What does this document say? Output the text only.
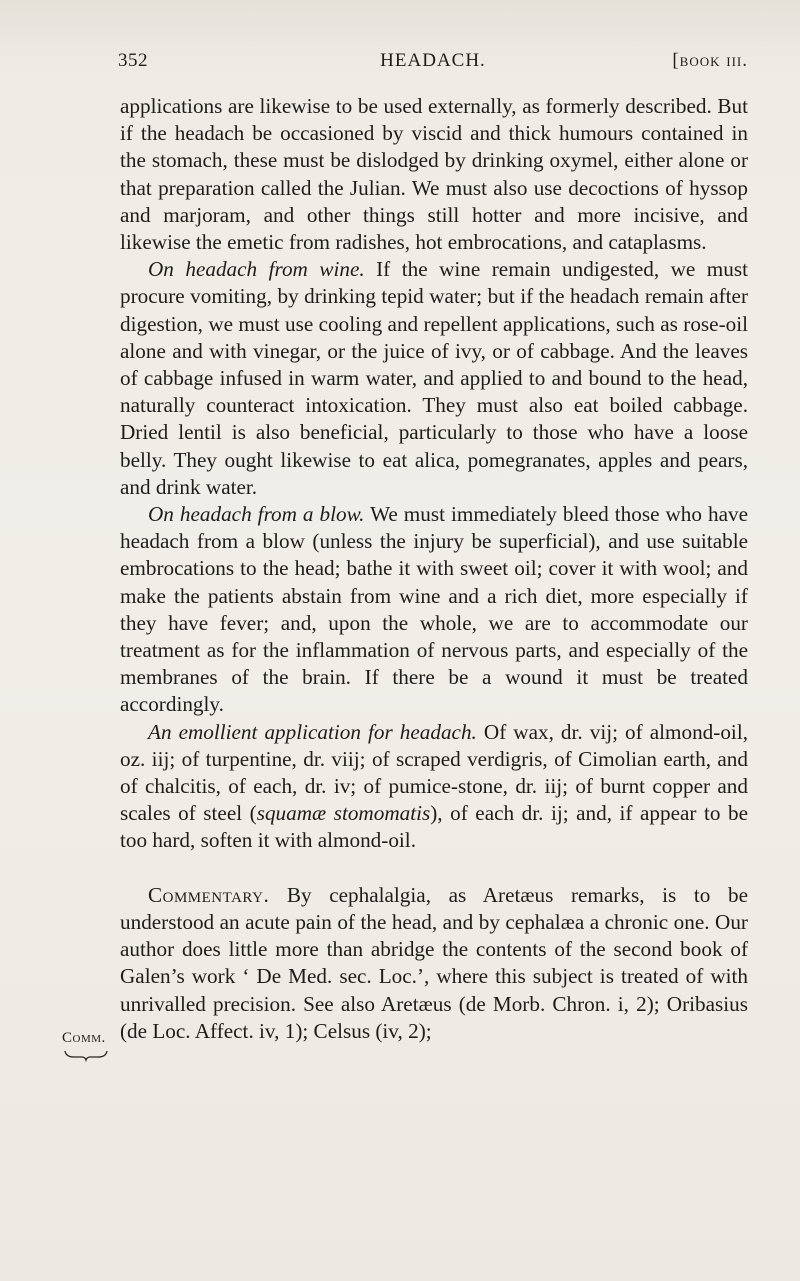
352	HEADACH.	[book iii.

applications are likewise to be used externally, as formerly described. But if the headach be occasioned by viscid and thick humours contained in the stomach, these must be dislodged by drinking oxymel, either alone or that preparation called the Julian. We must also use decoctions of hyssop and marjoram, and other things still hotter and more incisive, and likewise the emetic from radishes, hot embrocations, and cataplasms.

On headach from wine. If the wine remain undigested, we must procure vomiting, by drinking tepid water; but if the headach remain after digestion, we must use cooling and repellent applications, such as rose-oil alone and with vinegar, or the juice of ivy, or of cabbage. And the leaves of cabbage infused in warm water, and applied to and bound to the head, naturally counteract intoxication. They must also eat boiled cabbage. Dried lentil is also beneficial, particularly to those who have a loose belly. They ought likewise to eat alica, pomegranates, apples and pears, and drink water.

On headach from a blow. We must immediately bleed those who have headach from a blow (unless the injury be superficial), and use suitable embrocations to the head; bathe it with sweet oil; cover it with wool; and make the patients abstain from wine and a rich diet, more especially if they have fever; and, upon the whole, we are to accommodate our treatment as for the inflammation of nervous parts, and especially of the membranes of the brain. If there be a wound it must be treated accordingly.

An emollient application for headach. Of wax, dr. vij; of almond-oil, oz. iij; of turpentine, dr. viij; of scraped verdigris, of Cimolian earth, and of chalcitis, of each, dr. iv; of pumice-stone, dr. iij; of burnt copper and scales of steel (squamæ stomomatis), of each dr. ij; and, if appear to be too hard, soften it with almond-oil.

Commentary. By cephalalgia, as Aretæus remarks, is to be understood an acute pain of the head, and by cephalæa a chronic one. Our author does little more than abridge the contents of the second book of Galen’s work ‘ De Med. sec. Loc.’, where this subject is treated of with unrivalled precision. See also Aretæus (de Morb. Chron. i, 2); Oribasius (de Loc. Affect. iv, 1); Celsus (iv, 2);

Comm.
